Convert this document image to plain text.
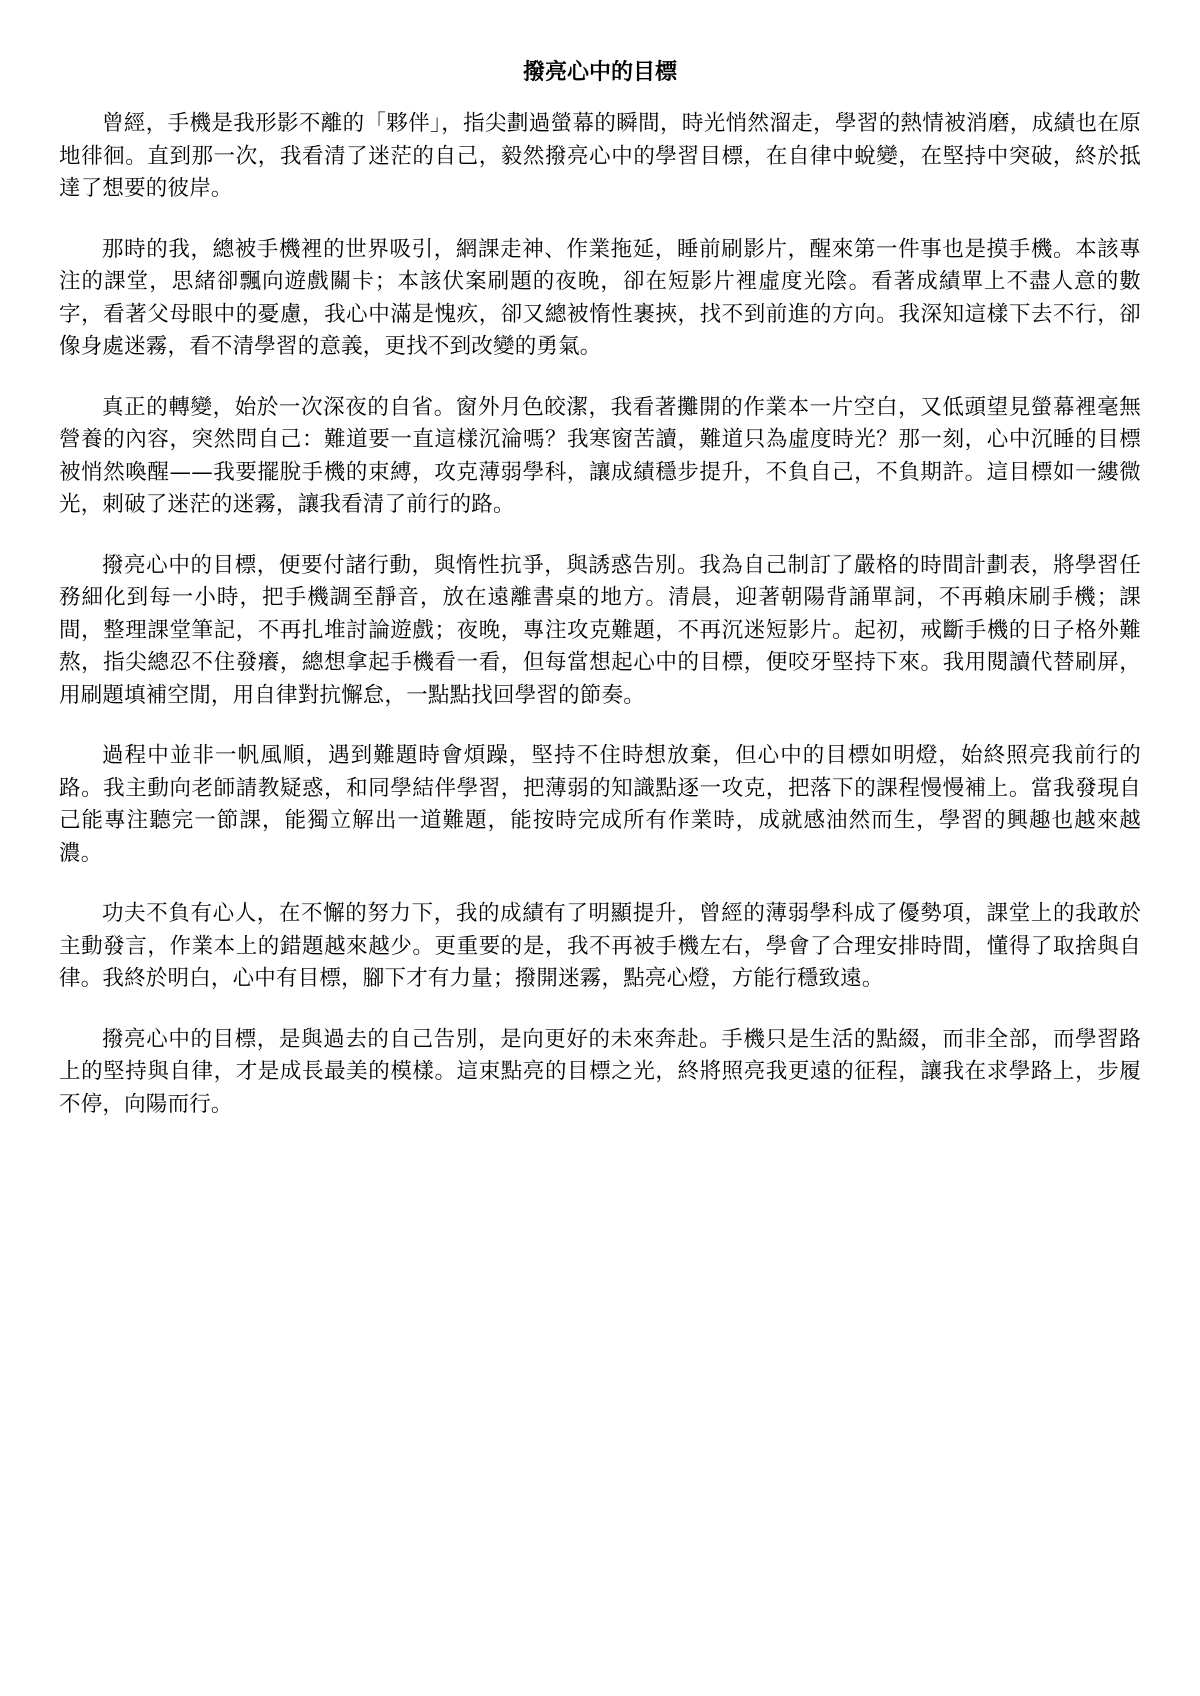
撥亮心中的目標

曾經，手機是我形影不離的「夥伴」，指尖劃過螢幕的瞬間，時光悄然溜走，學習的熱情被消磨，成績也在原地徘徊。直到那一次，我看清了迷茫的自己，毅然撥亮心中的學習目標，在自律中蛻變，在堅持中突破，終於抵達了想要的彼岸。

那時的我，總被手機裡的世界吸引，網課走神、作業拖延，睡前刷影片，醒來第一件事也是摸手機。本該專注的課堂，思緒卻飄向遊戲關卡；本該伏案刷題的夜晚，卻在短影片裡虛度光陰。看著成績單上不盡人意的數字，看著父母眼中的憂慮，我心中滿是愧疚，卻又總被惰性裹挾，找不到前進的方向。我深知這樣下去不行，卻像身處迷霧，看不清學習的意義，更找不到改變的勇氣。

真正的轉變，始於一次深夜的自省。窗外月色皎潔，我看著攤開的作業本一片空白，又低頭望見螢幕裡毫無營養的內容，突然問自己：難道要一直這樣沉淪嗎？我寒窗苦讀，難道只為虛度時光？那一刻，心中沉睡的目標被悄然喚醒——我要擺脫手機的束縛，攻克薄弱學科，讓成績穩步提升，不負自己，不負期許。這目標如一縷微光，刺破了迷茫的迷霧，讓我看清了前行的路。

撥亮心中的目標，便要付諸行動，與惰性抗爭，與誘惑告別。我為自己制訂了嚴格的時間計劃表，將學習任務細化到每一小時，把手機調至靜音，放在遠離書桌的地方。清晨，迎著朝陽背誦單詞，不再賴床刷手機；課間，整理課堂筆記，不再扎堆討論遊戲；夜晚，專注攻克難題，不再沉迷短影片。起初，戒斷手機的日子格外難熬，指尖總忍不住發癢，總想拿起手機看一看，但每當想起心中的目標，便咬牙堅持下來。我用閱讀代替刷屏，用刷題填補空閒，用自律對抗懈怠，一點點找回學習的節奏。

過程中並非一帆風順，遇到難題時會煩躁，堅持不住時想放棄，但心中的目標如明燈，始終照亮我前行的路。我主動向老師請教疑惑，和同學結伴學習，把薄弱的知識點逐一攻克，把落下的課程慢慢補上。當我發現自己能專注聽完一節課，能獨立解出一道難題，能按時完成所有作業時，成就感油然而生，學習的興趣也越來越濃。

功夫不負有心人，在不懈的努力下，我的成績有了明顯提升，曾經的薄弱學科成了優勢項，課堂上的我敢於主動發言，作業本上的錯題越來越少。更重要的是，我不再被手機左右，學會了合理安排時間，懂得了取捨與自律。我終於明白，心中有目標，腳下才有力量；撥開迷霧，點亮心燈，方能行穩致遠。

撥亮心中的目標，是與過去的自己告別，是向更好的未來奔赴。手機只是生活的點綴，而非全部，而學習路上的堅持與自律，才是成長最美的模樣。這束點亮的目標之光，終將照亮我更遠的征程，讓我在求學路上，步履不停，向陽而行。
